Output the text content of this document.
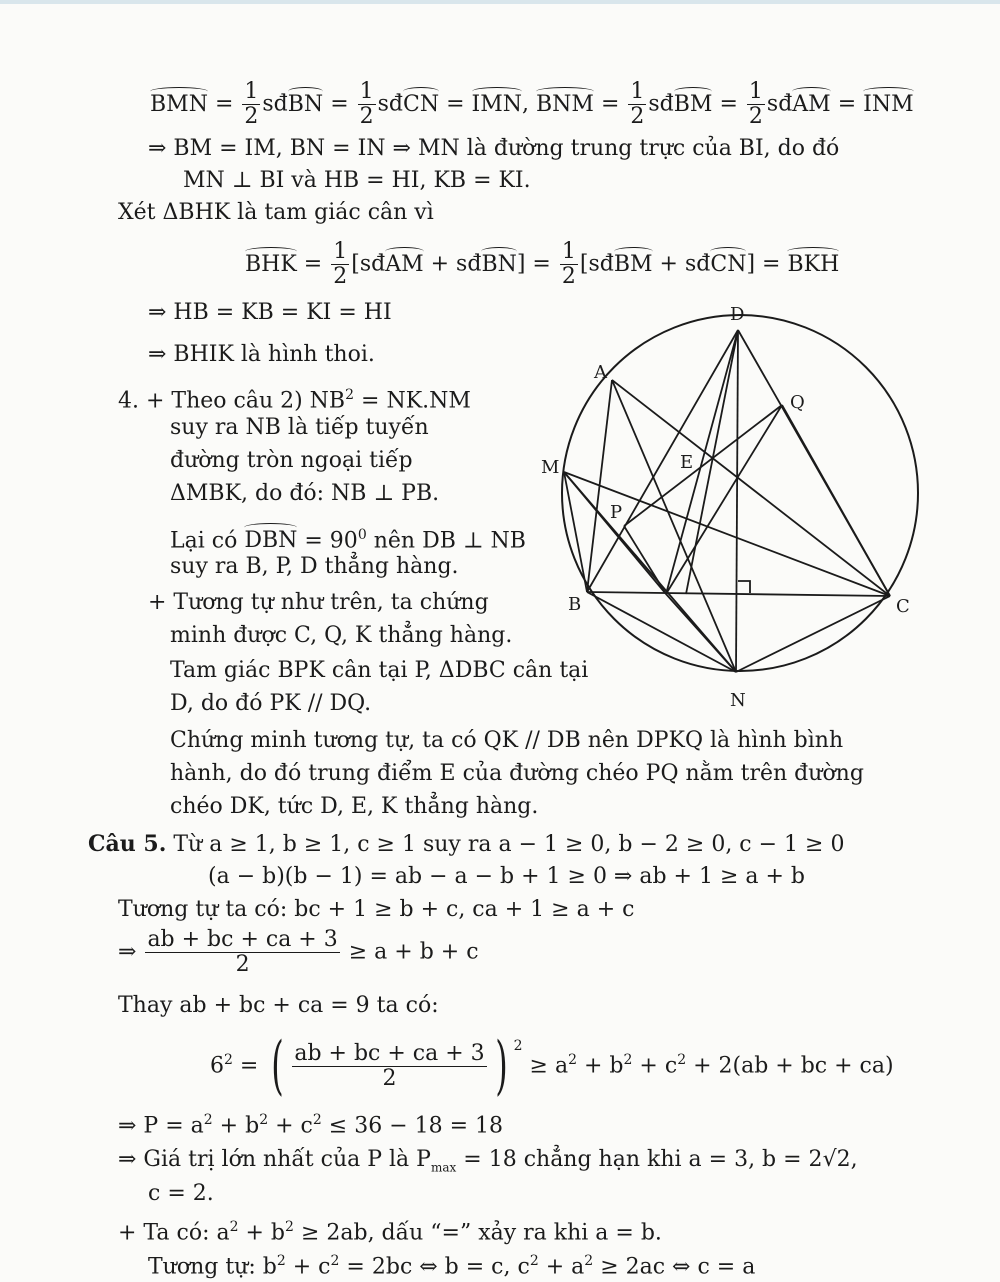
BMN = $\frac{1}{2}$ sđBN = $\frac{1}{2}$ sđCN = IMN, BNM = $\frac{1}{2}$ sđBM = $\frac{1}{2}$ sđAM = INM
⇒ BM = IM, BN = IN ⇒ MN là đường trung trực của BI, do đó
MN ⊥ BI và HB = HI, KB = KI.
Xét ΔBHK là tam giác cân vì
BHK = $\frac{1}{2}$ [sđAM + sđBN] = $\frac{1}{2}$ [sđBM + sđCN] = BKH
⇒ HB = KB = KI = HI
⇒ BHIK là hình thoi.
4. + Theo câu 2) $NB^2 = NK.NM$
suy ra NB là tiếp tuyến
đường tròn ngoại tiếp
ΔMBK, do đó: NB ⊥ PB.
Lại có DBN = $90^0$ nên DB ⊥ NB
suy ra B, P, D thẳng hàng.
+ Tương tự như trên, ta chứng
minh được C, Q, K thẳng hàng.
Tam giác BPK cân tại P, ΔDBC cân tại
D, do đó PK // DQ.
Chứng minh tương tự, ta có QK // DB nên DPKQ là hình bình
hành, do đó trung điểm E của đường chéo PQ nằm trên đường
chéo DK, tức D, E, K thẳng hàng.
Câu 5. Từ a ≥ 1, b ≥ 1, c ≥ 1 suy ra a − 1 ≥ 0, b − 2 ≥ 0, c − 1 ≥ 0
(a − b)(b − 1) = ab − a − b + 1 ≥ 0 ⇒ ab + 1 ≥ a + b
Tương tự ta có: bc + 1 ≥ b + c, ca + 1 ≥ a + c
⇒ $\frac{ab + bc + ca + 3}{2} \ge a + b + c$
Thay ab + bc + ca = 9 ta có:
$6^2$ = ( $\frac{ab + bc + ca + 3}{2}$ ) $^2 \ge a^2 + b^2 + c^2 + 2(ab$ + bc + ca)
⇒ $P = a^2 + b^2 + c^2 \le 36 - 18 = 18$
⇒ Giá trị lớn nhất của P là $P_{max} = 18$ chẳng hạn khi a = 3, b = 2√2,
c = 2.
+ Ta có: $a^2 + b^2 \ge 2ab$, dấu “=” xảy ra khi a = b.
Tương tự: $b^2 + c^2 = 2bc$ ⇔ b = c, $c^2 + a^2 \ge 2ac$ ⇔ c = a
D
A
Q
M	E
P
B	C
N
